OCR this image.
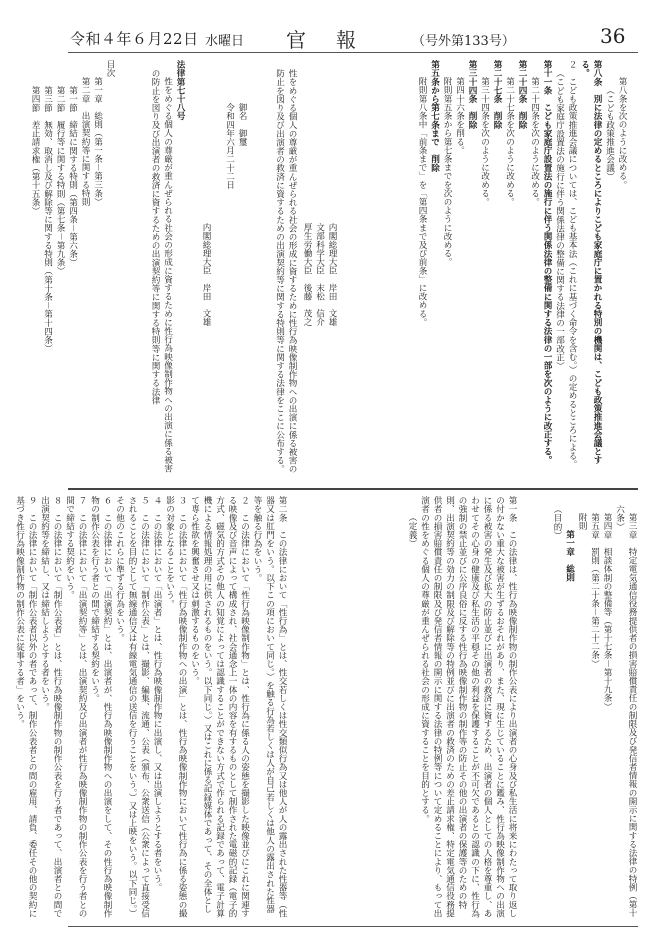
令和４年６月22日 水曜日 官報 （号外第133号）	36
第八条を次のように改める。
（こども政策推進会議）
第八条　別に法律の定めるところによりこども家庭庁に置かれる特別の機関は、こども政策推進会議とする。
２　こども政策推進会議については、こども基本法（これに基づく命令を含む。）の定めるところによる。
（こども家庭庁設置法の施行に伴う関係法律の整備に関する法律の一部改正）
第十一条　こども家庭庁設置法の施行に伴う関係法律の整備に関する法律の一部を次のように改正する。
第二十四条を次のように改める。
第二十四条　削除
第二十七条を次のように改める。
第二十七条　削除
第三十四条を次のように改める。
第三十四条　削除
第四十六条を削る。
附則第五条から第七条までを次のように改める。
第五条から第七条まで　削除
附則第八条中「前条まで」を「第四条まで及び前条」に改める。
内閣総理大臣　岸田　文雄
文部科学大臣　末松　信介
厚生労働大臣　後藤　茂之
性をめぐる個人の尊厳が重んぜられる社会の形成に資するために性行為映像制作物への出演に係る被害の防止を図り及び出演者の救済に資するための出演契約等に関する特則等に関する法律をここに公布する。
御名　御璽
令和四年六月二十二日
内閣総理大臣　岸田　文雄
法律第七十八号
性をめぐる個人の尊厳が重んぜられる社会の形成に資するために性行為映像制作物への出演に係る被害の防止を図り及び出演者の救済に資するための出演契約等に関する特則等に関する法律
目次
第一章　総則（第一条－第三条）
第二章　出演契約等に関する特則
第一節　締結に関する特則（第四条－第六条）
第二節　履行等に関する特則（第七条－第九条）
第三節　無効、取消し及び解除等に関する特則（第十条－第十四条）
第四節　差止請求権（第十五条）
第三章　特定電気通信役務提供者の損害賠償責任の制限及び発信者情報の開示に関する法律の特例（第十六条）
第四章　相談体制の整備等（第十七条－第十九条）
第五章　罰則（第二十条－第二十二条）
附則
第一章　総則
（目的）
第一条　この法律は、性行為映像制作物の制作公表により出演者の心身及び私生活に将来にわたって取り返しの付かない重大な被害が生ずるおそれがあり、また、現に生じていることに鑑み、性行為映像制作物への出演に係る被害の発生及び拡大の防止並びに出演者の救済に資するため、出演者の個人としての人格を尊重し、あわせてその心身の健康及び私生活の平穏その他の利益を保護することが不可欠であるとの認識の下に、性行為の強制の禁止並びに公序良俗に反する性行為映像制作物の制作等の防止その他の出演者の保護等のための特則、出演契約等の効力の制限及び解除等の特例並びに出演者の救済のための差止請求権、特定電気通信役務提供者の損害賠償責任の制限及び発信者情報の開示に関する法律の特例等について定めることにより、もって出演者の性をめぐる個人の尊厳が重んぜられる社会の形成に資することを目的とする。
（定義）
第二条　この法律において「性行為」とは、性交若しくは性交類似行為又は他人が人の露出された性器等（性器又は肛門をいう。以下この項において同じ。）を触る行為若しくは人が自己若しくは他人の露出された性器等を触る行為をいう。
２　この法律において「性行為映像制作物」とは、性行為に係る人の姿態を撮影した映像並びにこれに関連する映像及び音声によって構成され、社会通念上一体の内容を有するものとして制作された電磁的記録（電子的方式、磁気的方式その他人の知覚によっては認識することができない方式で作られる記録であって、電子計算機による情報処理の用に供されるものをいう。以下同じ。）又はこれに係る記録媒体であって、その全体として専ら性欲を興奮させ又は刺激するものをいう。
３　この法律において「性行為映像制作物への出演」とは、性行為映像制作物において性行為に係る姿態の撮影の対象となることをいう。
４　この法律において「出演者」とは、性行為映像制作物に出演し、又は出演しようとする者をいう。
５　この法律において「制作公表」とは、撮影、編集、流通、公表（頒布、公衆送信（公衆によって直接受信されることを目的として無線通信又は有線電気通信の送信を行うことをいう。）又は上映をいう。以下同じ。）その他のこれらに準ずる行為をいう。
６　この法律において「出演契約」とは、出演者が、性行為映像制作物への出演をして、その性行為映像制作物の制作公表を行う者との間で締結する契約をいう。
７　この法律において「出演契約等」とは、出演契約及び出演者が性行為映像制作物の制作公表を行う者との間で締結する契約をいう。
８　この法律において「制作公表者」とは、性行為映像制作物の制作公表を行う者であって、出演者との間で出演契約等を締結し、又は締結しようとする者をいう。
９　この法律において「制作公表者以外の者であって、制作公表者との間の雇用、請負、委任その他の契約に基づき性行為映像制作物の制作公表に従事する者」をいう。
